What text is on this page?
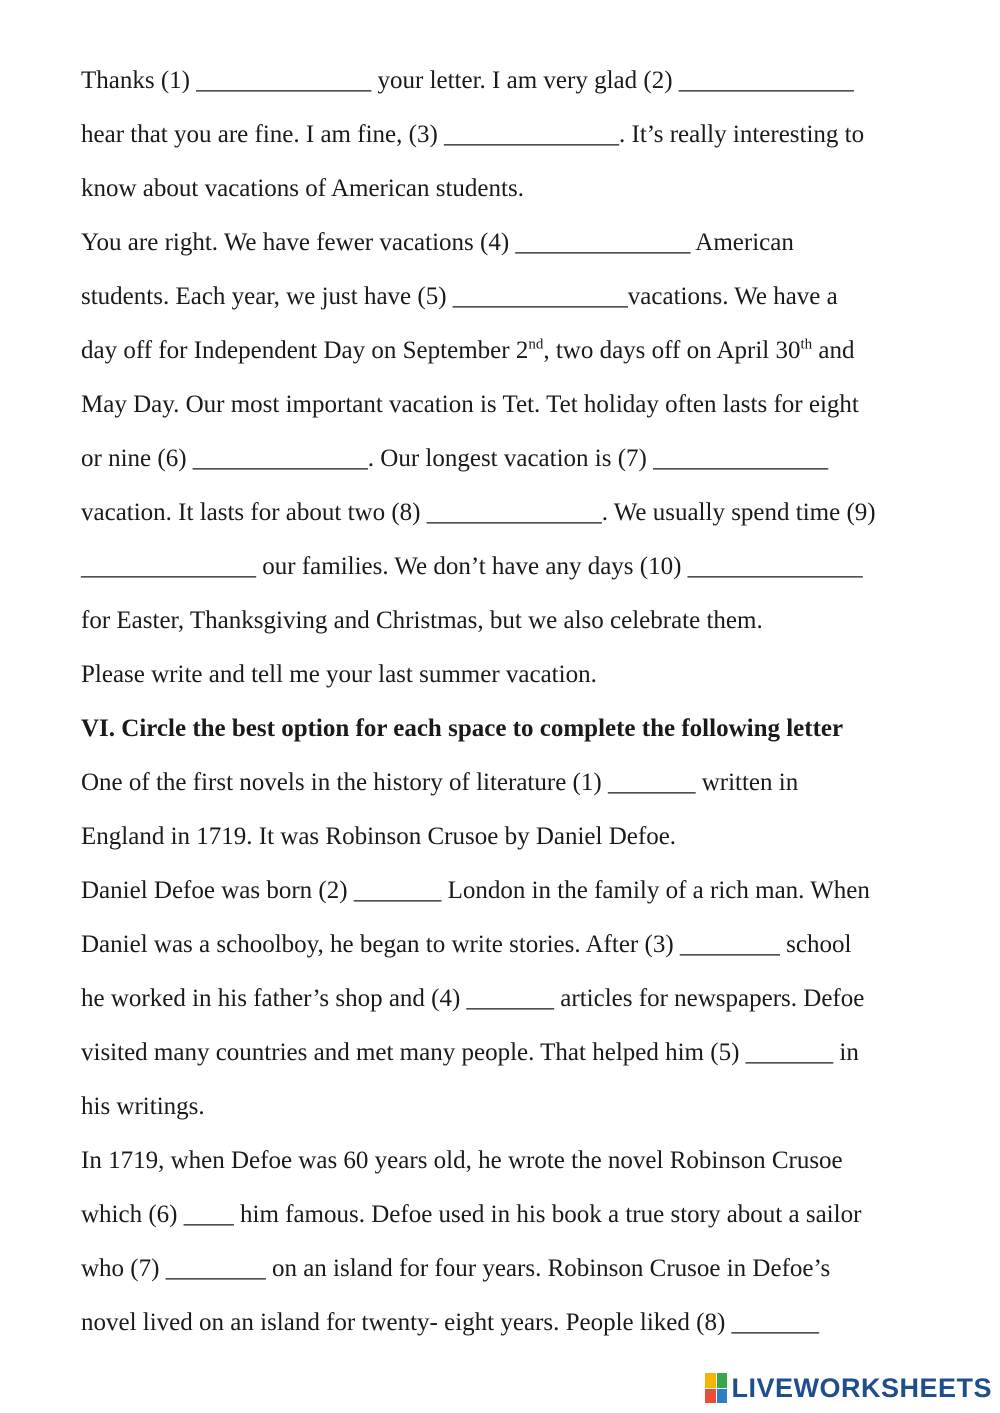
Thanks (1) ______________ your letter. I am very glad (2) ______________

hear that you are fine. I am fine, (3) ______________. It’s really interesting to

know about vacations of American students.

You are right. We have fewer vacations (4) ______________ American

students. Each year, we just have (5) ______________vacations. We have a

day off for Independent Day on September 2nd, two days off on April 30th and

May Day. Our most important vacation is Tet. Tet holiday often lasts for eight

or nine (6) ______________. Our longest vacation is (7) ______________

vacation. It lasts for about two (8) ______________. We usually spend time (9)

______________ our families. We don’t have any days (10) ______________

for Easter, Thanksgiving and Christmas, but we also celebrate them.

Please write and tell me your last summer vacation.

VI. Circle the best option for each space to complete the following letter

One of the first novels in the history of literature (1) _______ written in

England in 1719. It was Robinson Crusoe by Daniel Defoe.

Daniel Defoe was born (2) _______ London in the family of a rich man. When

Daniel was a schoolboy, he began to write stories. After (3) ________ school

he worked in his father’s shop and (4) _______ articles for newspapers. Defoe

visited many countries and met many people. That helped him (5) _______ in

his writings.

In 1719, when Defoe was 60 years old, he wrote the novel Robinson Crusoe

which (6) ____ him famous. Defoe used in his book a true story about a sailor

who (7) ________ on an island for four years. Robinson Crusoe in Defoe’s

novel lived on an island for twenty- eight years. People liked (8) _______

LIVEWORKSHEETS
